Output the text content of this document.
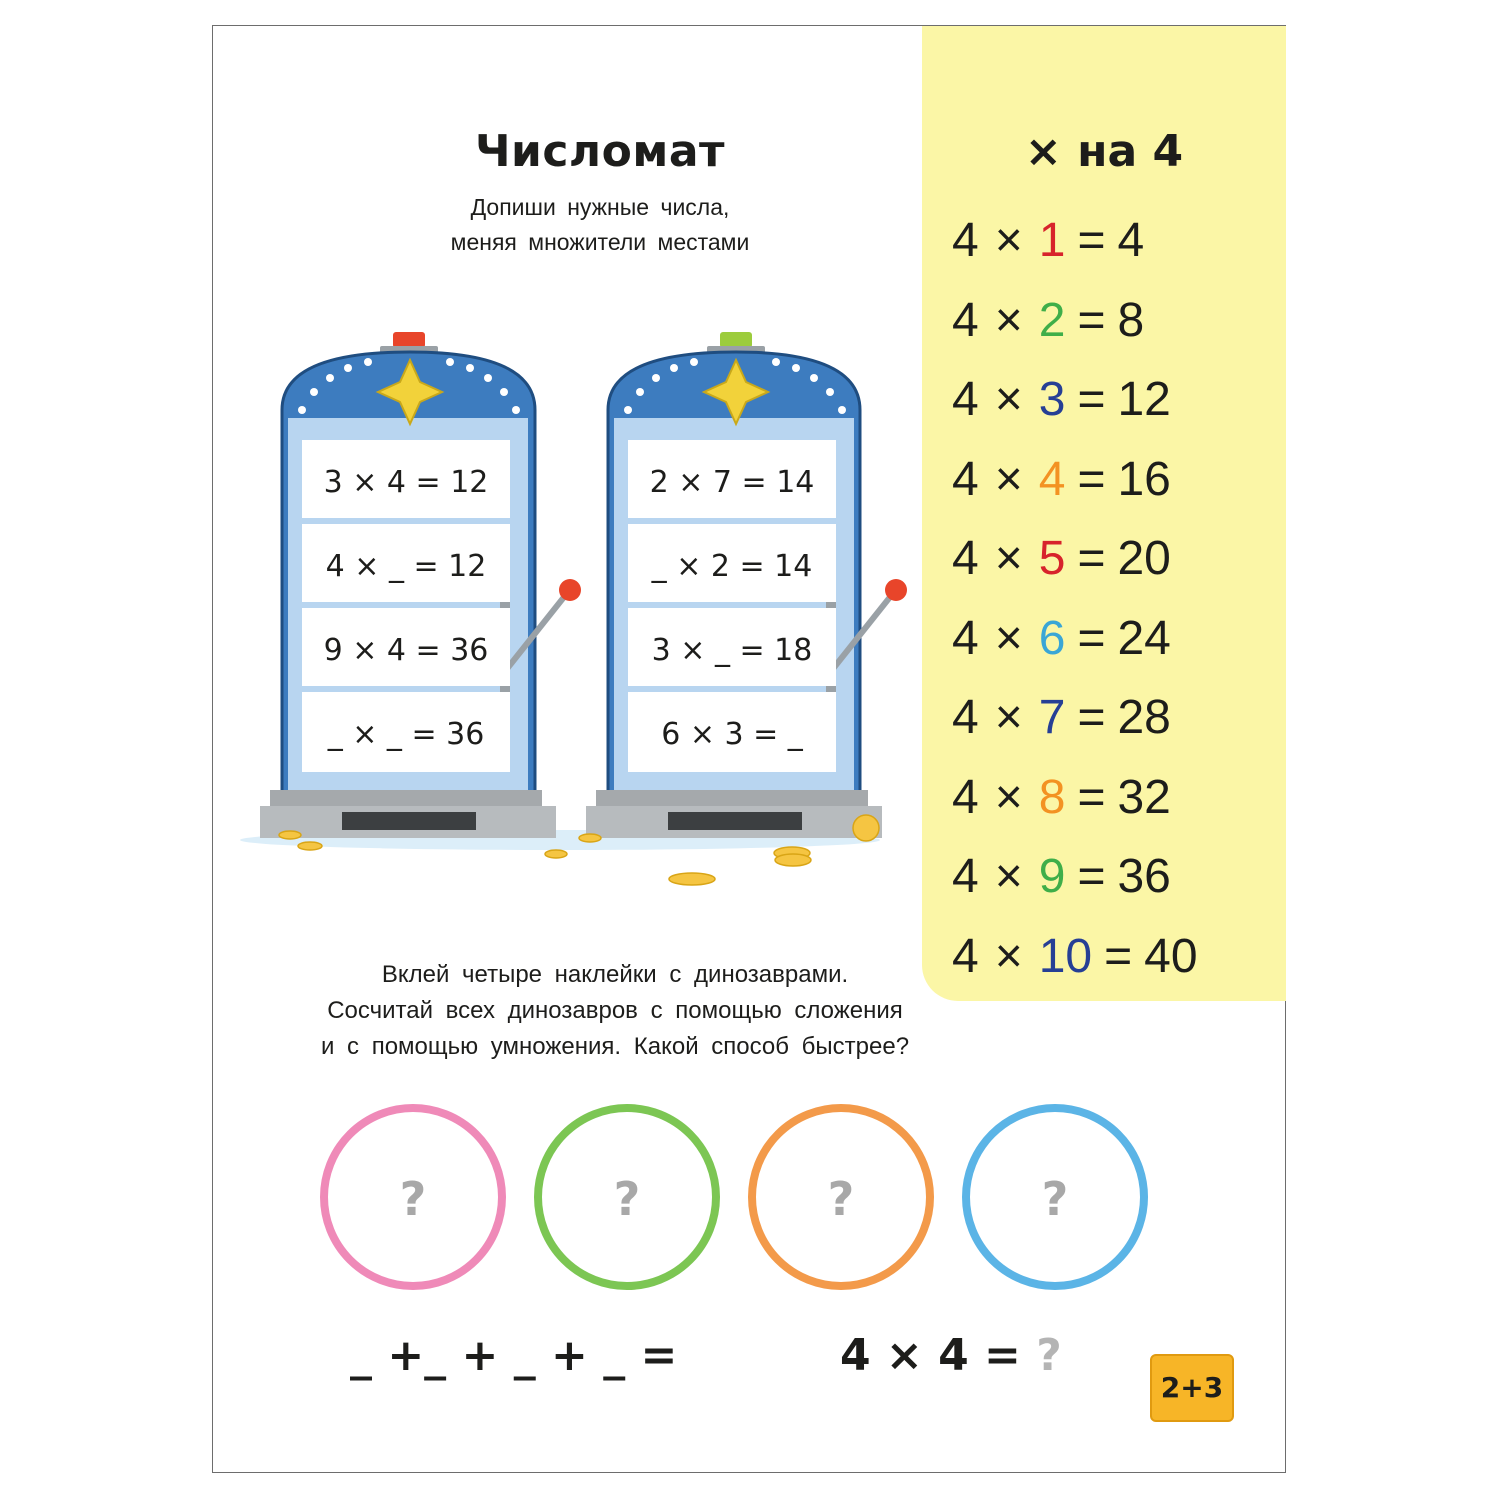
Числомат
Допиши нужные числа,
меняя множители местами
3 × 4 = 12
4 × _ = 12
9 × 4 = 36
_ × _ = 36
2 × 7 = 14
_ × 2 = 14
3 × _ = 18
6 × 3 = _
× на 4
4 × 1 = 4
4 × 2 = 8
4 × 3 = 12
4 × 4 = 16
4 × 5 = 20
4 × 6 = 24
4 × 7 = 28
4 × 8 = 32
4 × 9 = 36
4 × 10 = 40
Вклей четыре наклейки с динозаврами.
Сосчитай всех динозавров с помощью сложения
и с помощью умножения. Какой способ быстрее?
?	?	?	?
_ +_ + _ + _ =	4 × 4 = ?
2+3
